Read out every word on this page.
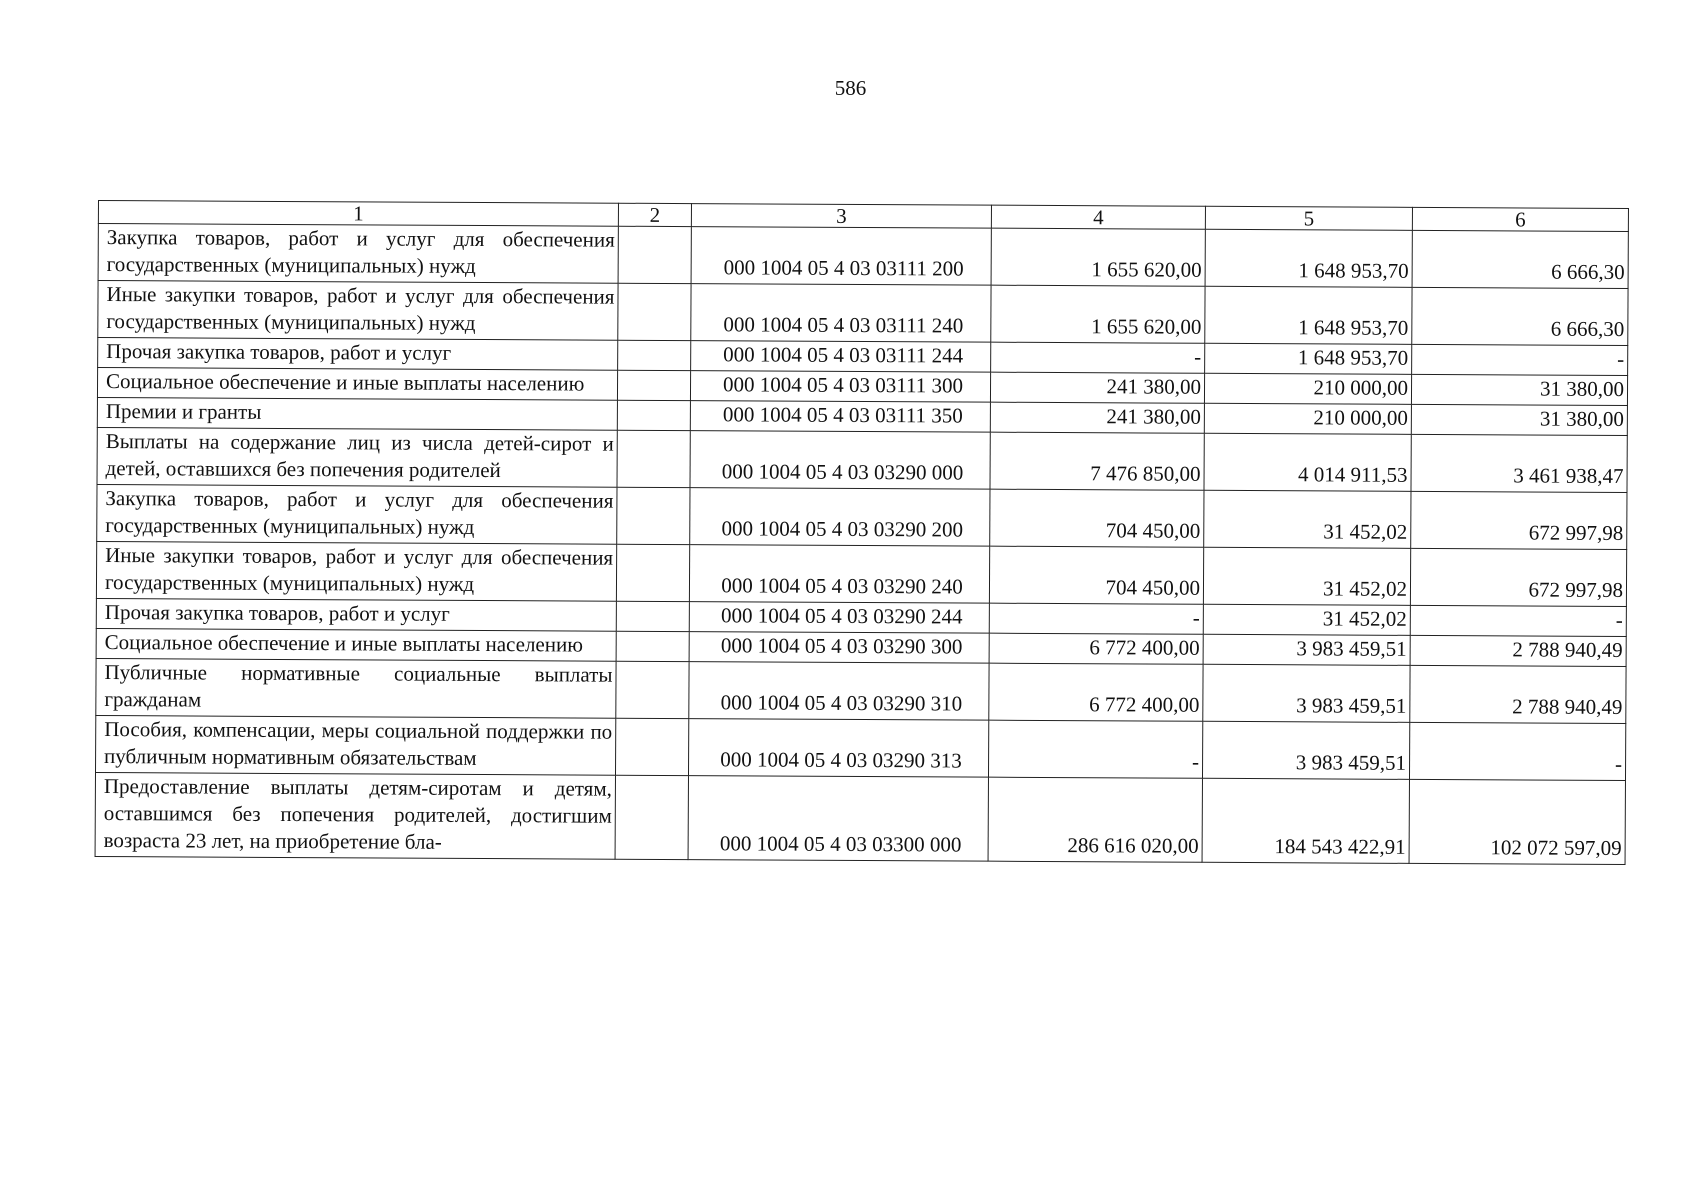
586
1	2	3	4	5	6
Закупка товаров, работ и услуг для обеспечения государственных (муниципальных) нужд		000 1004 05 4 03 03111 200	1 655 620,00	1 648 953,70	6 666,30
Иные закупки товаров, работ и услуг для обеспечения государственных (муниципальных) нужд		000 1004 05 4 03 03111 240	1 655 620,00	1 648 953,70	6 666,30
Прочая закупка товаров, работ и услуг		000 1004 05 4 03 03111 244	-	1 648 953,70	-
Социальное обеспечение и иные выплаты населению		000 1004 05 4 03 03111 300	241 380,00	210 000,00	31 380,00
Премии и гранты		000 1004 05 4 03 03111 350	241 380,00	210 000,00	31 380,00
Выплаты на содержание лиц из числа детей-сирот и детей, оставшихся без попечения родителей		000 1004 05 4 03 03290 000	7 476 850,00	4 014 911,53	3 461 938,47
Закупка товаров, работ и услуг для обеспечения государственных (муниципальных) нужд		000 1004 05 4 03 03290 200	704 450,00	31 452,02	672 997,98
Иные закупки товаров, работ и услуг для обеспечения государственных (муниципальных) нужд		000 1004 05 4 03 03290 240	704 450,00	31 452,02	672 997,98
Прочая закупка товаров, работ и услуг		000 1004 05 4 03 03290 244	-	31 452,02	-
Социальное обеспечение и иные выплаты населению		000 1004 05 4 03 03290 300	6 772 400,00	3 983 459,51	2 788 940,49
Публичные нормативные социальные выплаты гражданам		000 1004 05 4 03 03290 310	6 772 400,00	3 983 459,51	2 788 940,49
Пособия, компенсации, меры социальной поддержки по публичным нормативным обязательствам		000 1004 05 4 03 03290 313	-	3 983 459,51	-
Предоставление выплаты детям-сиротам и детям, оставшимся без попечения родителей, достигшим возраста 23 лет, на приобретение бла-		000 1004 05 4 03 03300 000	286 616 020,00	184 543 422,91	102 072 597,09
